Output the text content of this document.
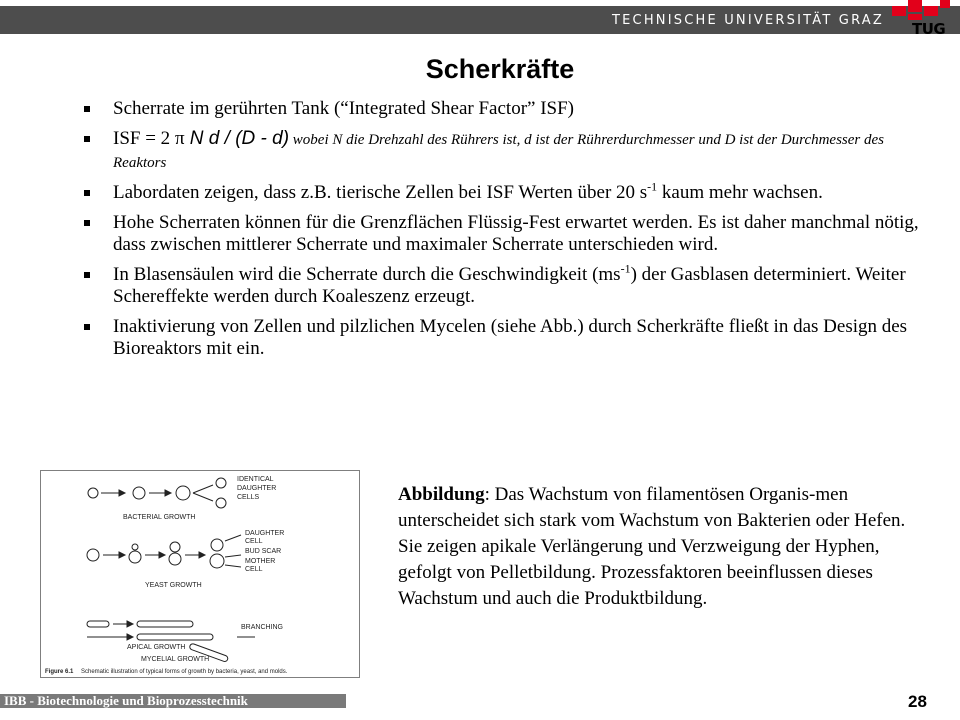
TECHNISCHE UNIVERSITÄT GRAZ TUG
Scherkräfte
Scherrate im gerührten Tank (“Integrated Shear Factor” ISF)
ISF = 2 π N d / (D - d) wobei N die Drehzahl des Rührers ist, d ist der Rührerdurchmesser und D ist der Durchmesser des Reaktors
Labordaten zeigen, dass z.B. tierische Zellen bei ISF Werten über 20 $s^{-1}$ kaum mehr wachsen.
Hohe Scherraten können für die Grenzflächen Flüssig-Fest erwartet werden. Es ist daher manchmal nötig, dass zwischen mittlerer Scherrate und maximaler Scherrate unterschieden wird.
In Blasensäulen wird die Scherrate durch die Geschwindigkeit $(ms^{-1})$ der Gasblasen determiniert. Weiter Schereffekte werden durch Koaleszenz erzeugt.
Inaktivierung von Zellen und pilzlichen Mycelen (siehe Abb.) durch Scherkräfte fließt in das Design des Bioreaktors mit ein.
IDENTICAL
DAUGHTER
CELLS
BACTERIAL GROWTH
DAUGHTER
CELL
BUD SCAR
MOTHER
CELL
YEAST GROWTH
BRANCHING
APICAL GROWTH
MYCELIAL GROWTH
Figure 6.1 Schematic illustration of typical forms of growth by bacteria, yeast, and molds.
Abbildung: Das Wachstum von filamentösen Organis-men unterscheidet sich stark vom Wachstum von Bakterien oder Hefen. Sie zeigen apikale Verlängerung und Verzweigung der Hyphen, gefolgt von Pelletbildung. Prozessfaktoren beeinflussen dieses Wachstum und auch die Produktbildung.
IBB - Biotechnologie und Bioprozesstechnik	28
